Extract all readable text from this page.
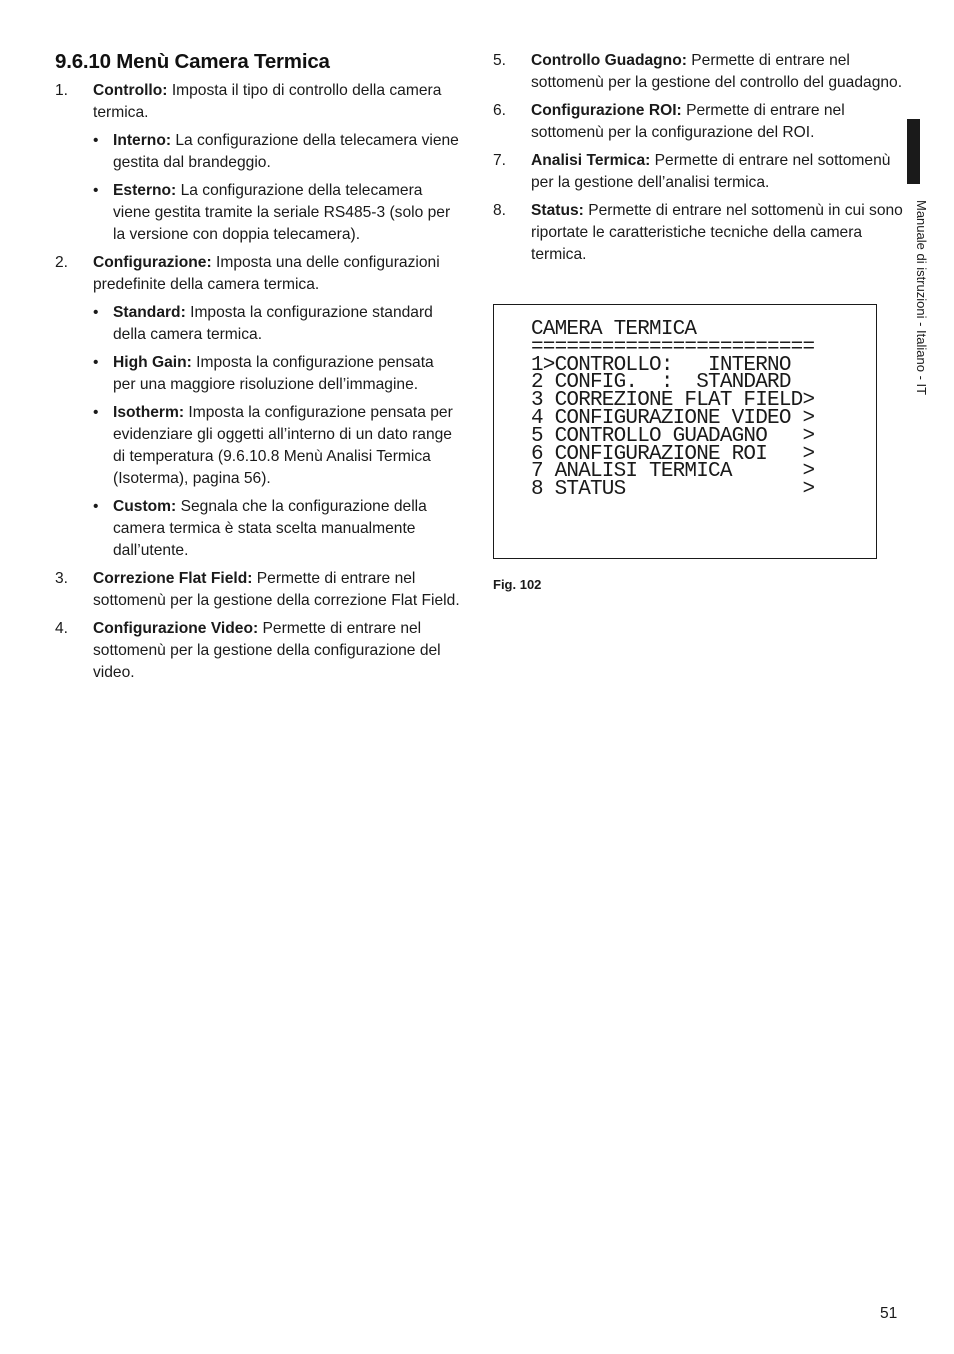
9.6.10 Menù Camera Termica
1. Controllo: Imposta il tipo di controllo della camera termica.
• Interno: La configurazione della telecamera viene gestita dal brandeggio.
• Esterno: La configurazione della telecamera viene gestita tramite la seriale RS485-3 (solo per la versione con doppia telecamera).
2. Configurazione: Imposta una delle configurazioni predefinite della camera termica.
• Standard: Imposta la configurazione standard della camera termica.
• High Gain: Imposta la configurazione pensata per una maggiore risoluzione dell’immagine.
• Isotherm: Imposta la configurazione pensata per evidenziare gli oggetti all’interno di un dato range di temperatura (9.6.10.8 Menù Analisi Termica (Isoterma), pagina 56).
• Custom: Segnala che la configurazione della camera termica è stata scelta manualmente dall’utente.
3. Correzione Flat Field: Permette di entrare nel sottomenù per la gestione della correzione Flat Field.
4. Configurazione Video: Permette di entrare nel sottomenù per la gestione della configurazione del video.
5. Controllo Guadagno: Permette di entrare nel sottomenù per la gestione del controllo del guadagno.
6. Configurazione ROI: Permette di entrare nel sottomenù per la configurazione del ROI.
7. Analisi Termica: Permette di entrare nel sottomenù per la gestione dell’analisi termica.
8. Status: Permette di entrare nel sottomenù in cui sono riportate le caratteristiche tecniche della camera termica.
CAMERA TERMICA
========================
1>CONTROLLO:   INTERNO
2 CONFIG.  :  STANDARD
3 CORREZIONE FLAT FIELD>
4 CONFIGURAZIONE VIDEO >
5 CONTROLLO GUADAGNO   >
6 CONFIGURAZIONE ROI   >
7 ANALISI TERMICA      >
8 STATUS               >
Fig. 102
Manuale di istruzioni - Italiano - IT
51
